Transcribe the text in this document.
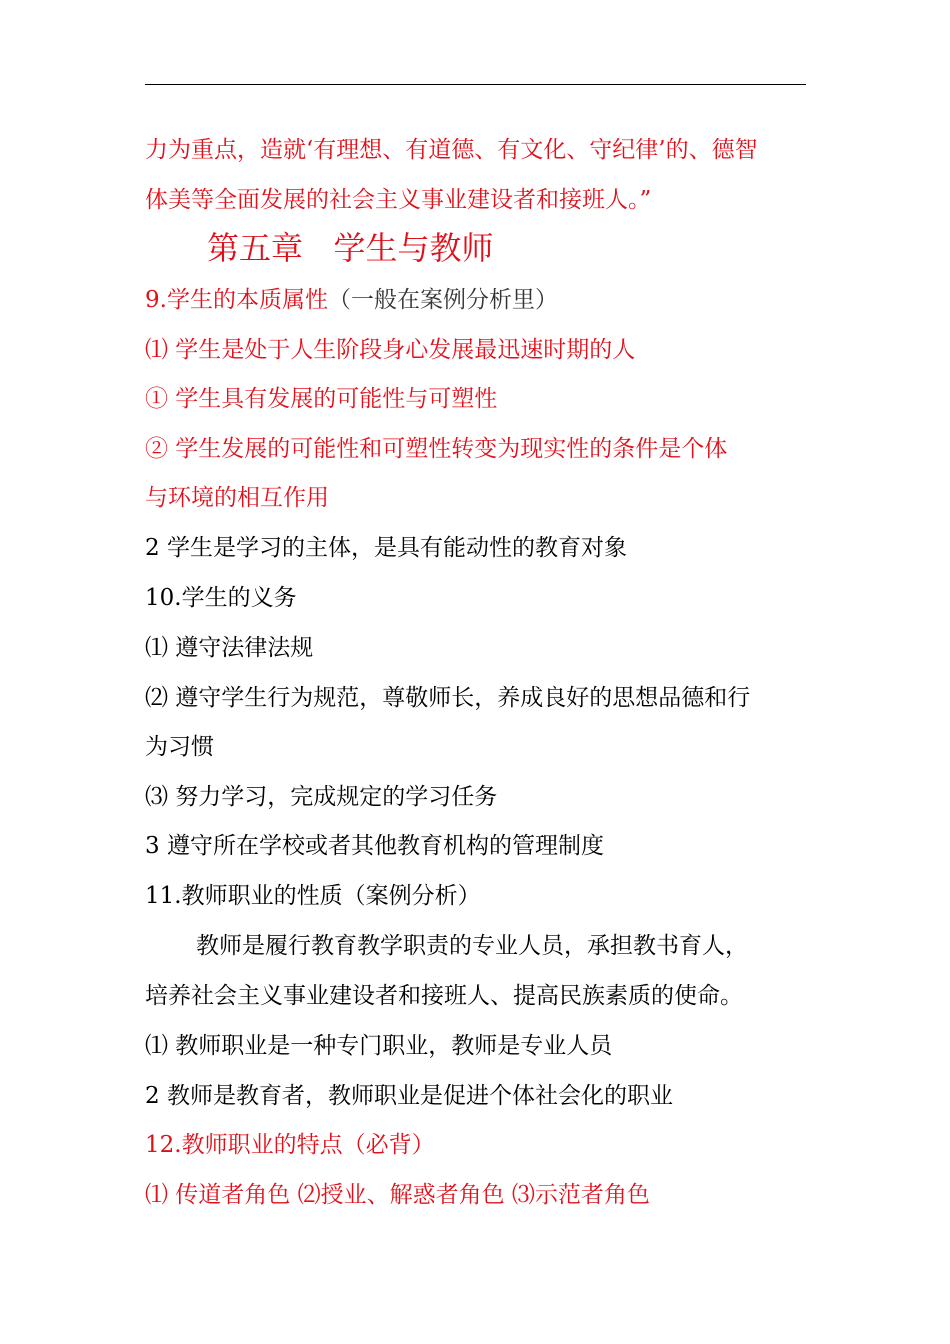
力为重点，造就‘有理想、有道德、有文化、守纪律’的、德智
体美等全面发展的社会主义事业建设者和接班人。”
第五章   学生与教师
9.学生的本质属性（一般在案例分析里）
⑴ 学生是处于人生阶段身心发展最迅速时期的人
① 学生具有发展的可能性与可塑性
② 学生发展的可能性和可塑性转变为现实性的条件是个体
与环境的相互作用
2 学生是学习的主体，是具有能动性的教育对象
10.学生的义务
⑴ 遵守法律法规
⑵ 遵守学生行为规范，尊敬师长，养成良好的思想品德和行
为习惯
⑶ 努力学习，完成规定的学习任务
3 遵守所在学校或者其他教育机构的管理制度
11.教师职业的性质（案例分析）
教师是履行教育教学职责的专业人员，承担教书育人，
培养社会主义事业建设者和接班人、提高民族素质的使命。
⑴ 教师职业是一种专门职业，教师是专业人员
2 教师是教育者，教师职业是促进个体社会化的职业
12.教师职业的特点（必背）
⑴ 传道者角色 ⑵授业、解惑者角色 ⑶示范者角色
